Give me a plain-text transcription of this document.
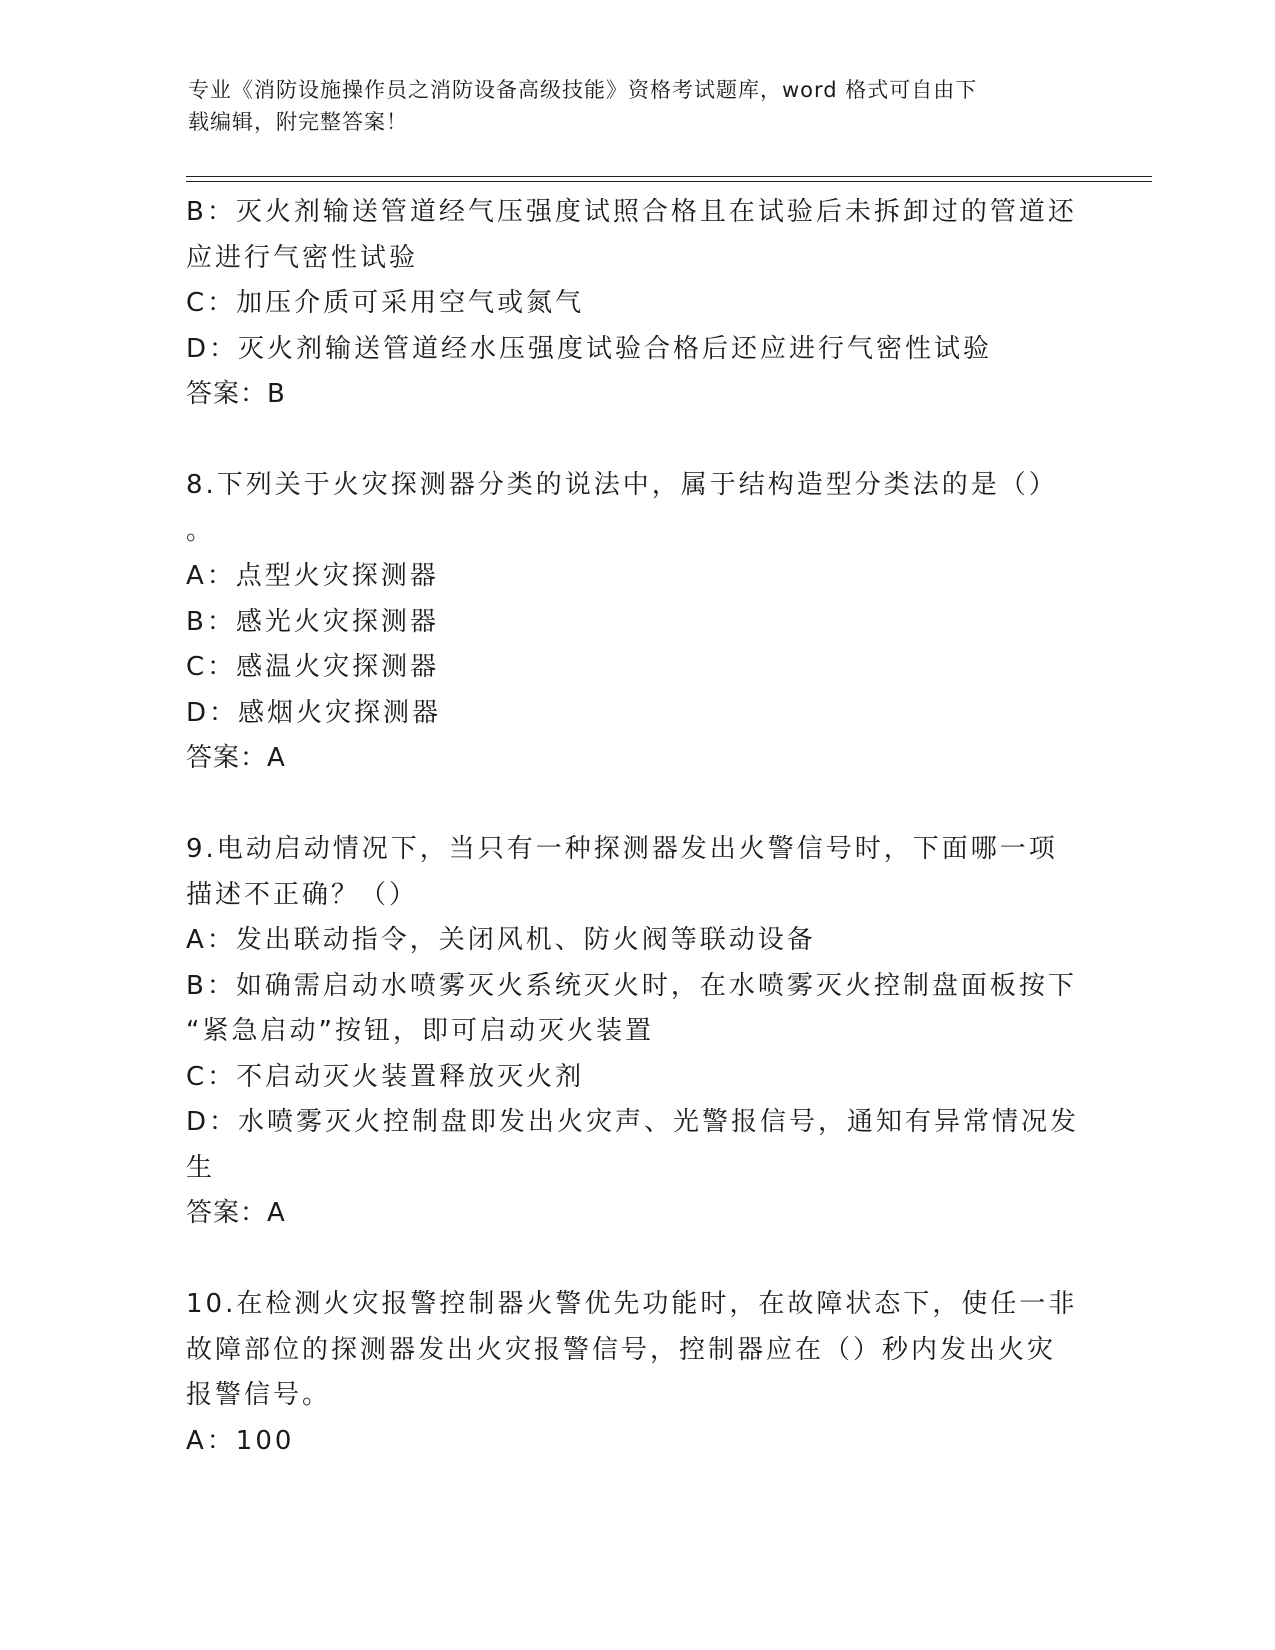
专业《消防设施操作员之消防设备高级技能》资格考试题库，word 格式可自由下
载编辑，附完整答案！
B：灭火剂输送管道经气压强度试照合格且在试验后未拆卸过的管道还
应进行气密性试验
C：加压介质可采用空气或氮气
D：灭火剂输送管道经水压强度试验合格后还应进行气密性试验
答案：B
8.下列关于火灾探测器分类的说法中，属于结构造型分类法的是（）
。
A：点型火灾探测器
B：感光火灾探测器
C：感温火灾探测器
D：感烟火灾探测器
答案：A
9.电动启动情况下，当只有一种探测器发出火警信号时，下面哪一项
描述不正确？（）
A：发出联动指令，关闭风机、防火阀等联动设备
B：如确需启动水喷雾灭火系统灭火时，在水喷雾灭火控制盘面板按下
“紧急启动”按钮，即可启动灭火装置
C：不启动灭火装置释放灭火剂
D：水喷雾灭火控制盘即发出火灾声、光警报信号，通知有异常情况发
生
答案：A
10.在检测火灾报警控制器火警优先功能时，在故障状态下，使任一非
故障部位的探测器发出火灾报警信号，控制器应在（）秒内发出火灾
报警信号。
A：100
